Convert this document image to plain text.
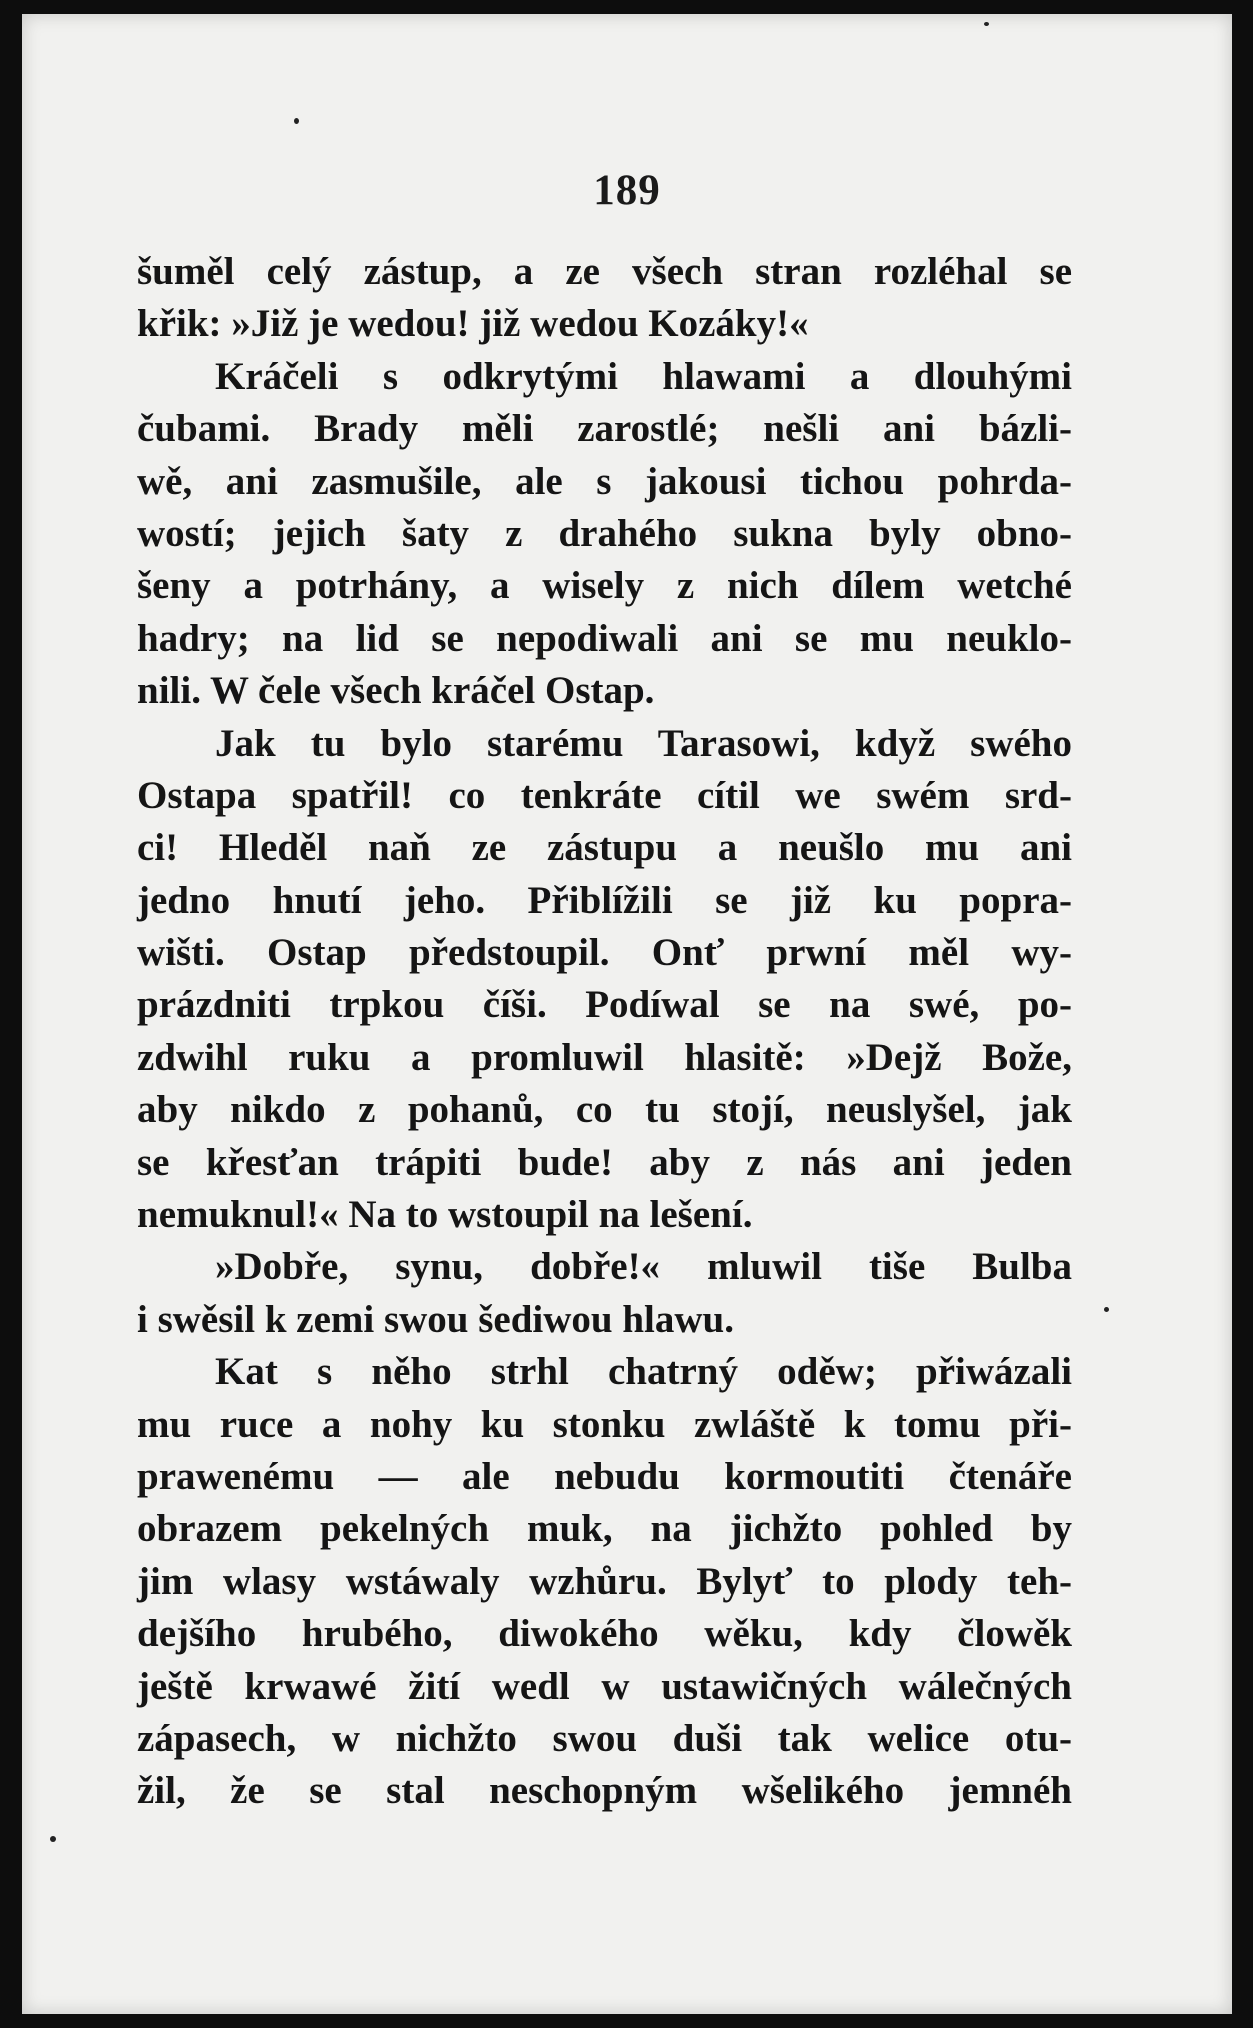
189
šuměl celý zástup, a ze všech stran rozléhal se
křik: »Již je wedou! již wedou Kozáky!«
Kráčeli s odkrytými hlawami a dlouhými
čubami. Brady měli zarostlé; nešli ani bázli-
wě, ani zasmušile, ale s jakousi tichou pohrda-
wostí; jejich šaty z drahého sukna byly obno-
šeny a potrhány, a wisely z nich dílem wetché
hadry; na lid se nepodiwali ani se mu neuklo-
nili. W čele všech kráčel Ostap.
Jak tu bylo starému Tarasowi, když swého
Ostapa spatřil! co tenkráte cítil we swém srd-
ci! Hleděl naň ze zástupu a neušlo mu ani
jedno hnutí jeho. Přiblížili se již ku popra-
wišti. Ostap předstoupil. Onť prwní měl wy-
prázdniti trpkou číši. Podíwal se na swé, po-
zdwihl ruku a promluwil hlasitě: »Dejž Bože,
aby nikdo z pohanů, co tu stojí, neuslyšel, jak
se křesťan trápiti bude! aby z nás ani jeden
nemuknul!« Na to wstoupil na lešení.
»Dobře, synu, dobře!« mluwil tiše Bulba
i swěsil k zemi swou šediwou hlawu.
Kat s něho strhl chatrný oděw; přiwázali
mu ruce a nohy ku stonku zwláště k tomu při-
prawenému — ale nebudu kormoutiti čtenáře
obrazem pekelných muk, na jichžto pohled by
jim wlasy wstáwaly wzhůru. Bylyť to plody teh-
dejšího hrubého, diwokého wěku, kdy člowěk
ještě krwawé žití wedl w ustawičných wálečných
zápasech, w nichžto swou duši tak welice otu-
žil, že se stal neschopným wšelikého jemnéh
